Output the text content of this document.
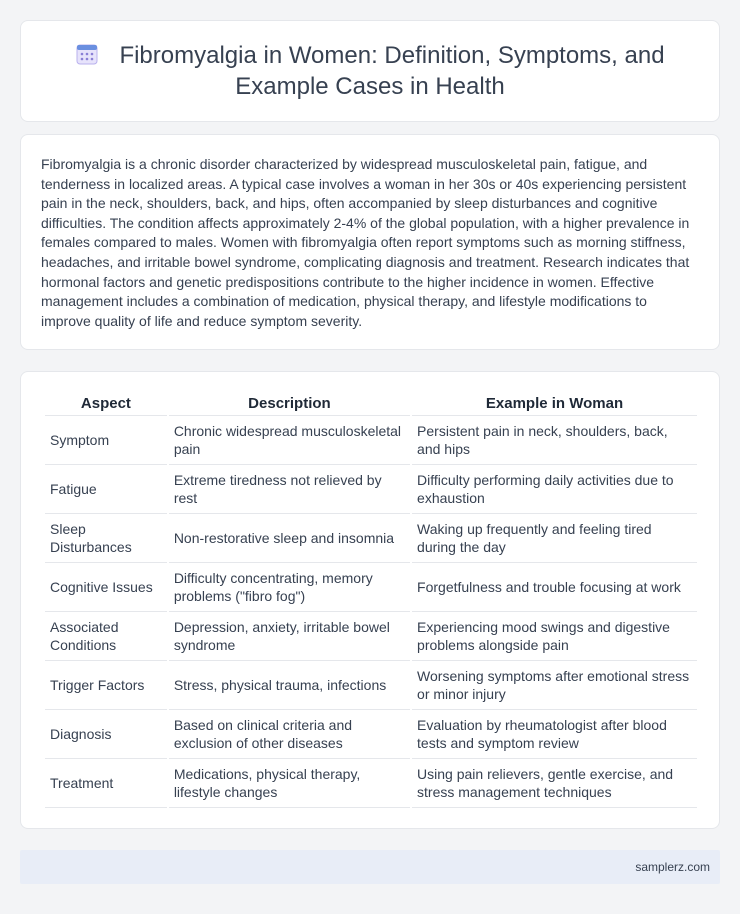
Fibromyalgia in Women: Definition, Symptoms, and Example Cases in Health

Fibromyalgia is a chronic disorder characterized by widespread musculoskeletal pain, fatigue, and tenderness in localized areas. A typical case involves a woman in her 30s or 40s experiencing persistent pain in the neck, shoulders, back, and hips, often accompanied by sleep disturbances and cognitive difficulties. The condition affects approximately 2-4% of the global population, with a higher prevalence in females compared to males. Women with fibromyalgia often report symptoms such as morning stiffness, headaches, and irritable bowel syndrome, complicating diagnosis and treatment. Research indicates that hormonal factors and genetic predispositions contribute to the higher incidence in women. Effective management includes a combination of medication, physical therapy, and lifestyle modifications to improve quality of life and reduce symptom severity.

Aspect	Description	Example in Woman
Symptom	Chronic widespread musculoskeletal pain	Persistent pain in neck, shoulders, back, and hips
Fatigue	Extreme tiredness not relieved by rest	Difficulty performing daily activities due to exhaustion
Sleep Disturbances	Non-restorative sleep and insomnia	Waking up frequently and feeling tired during the day
Cognitive Issues	Difficulty concentrating, memory problems ("fibro fog")	Forgetfulness and trouble focusing at work
Associated Conditions	Depression, anxiety, irritable bowel syndrome	Experiencing mood swings and digestive problems alongside pain
Trigger Factors	Stress, physical trauma, infections	Worsening symptoms after emotional stress or minor injury
Diagnosis	Based on clinical criteria and exclusion of other diseases	Evaluation by rheumatologist after blood tests and symptom review
Treatment	Medications, physical therapy, lifestyle changes	Using pain relievers, gentle exercise, and stress management techniques
samplerz.com
